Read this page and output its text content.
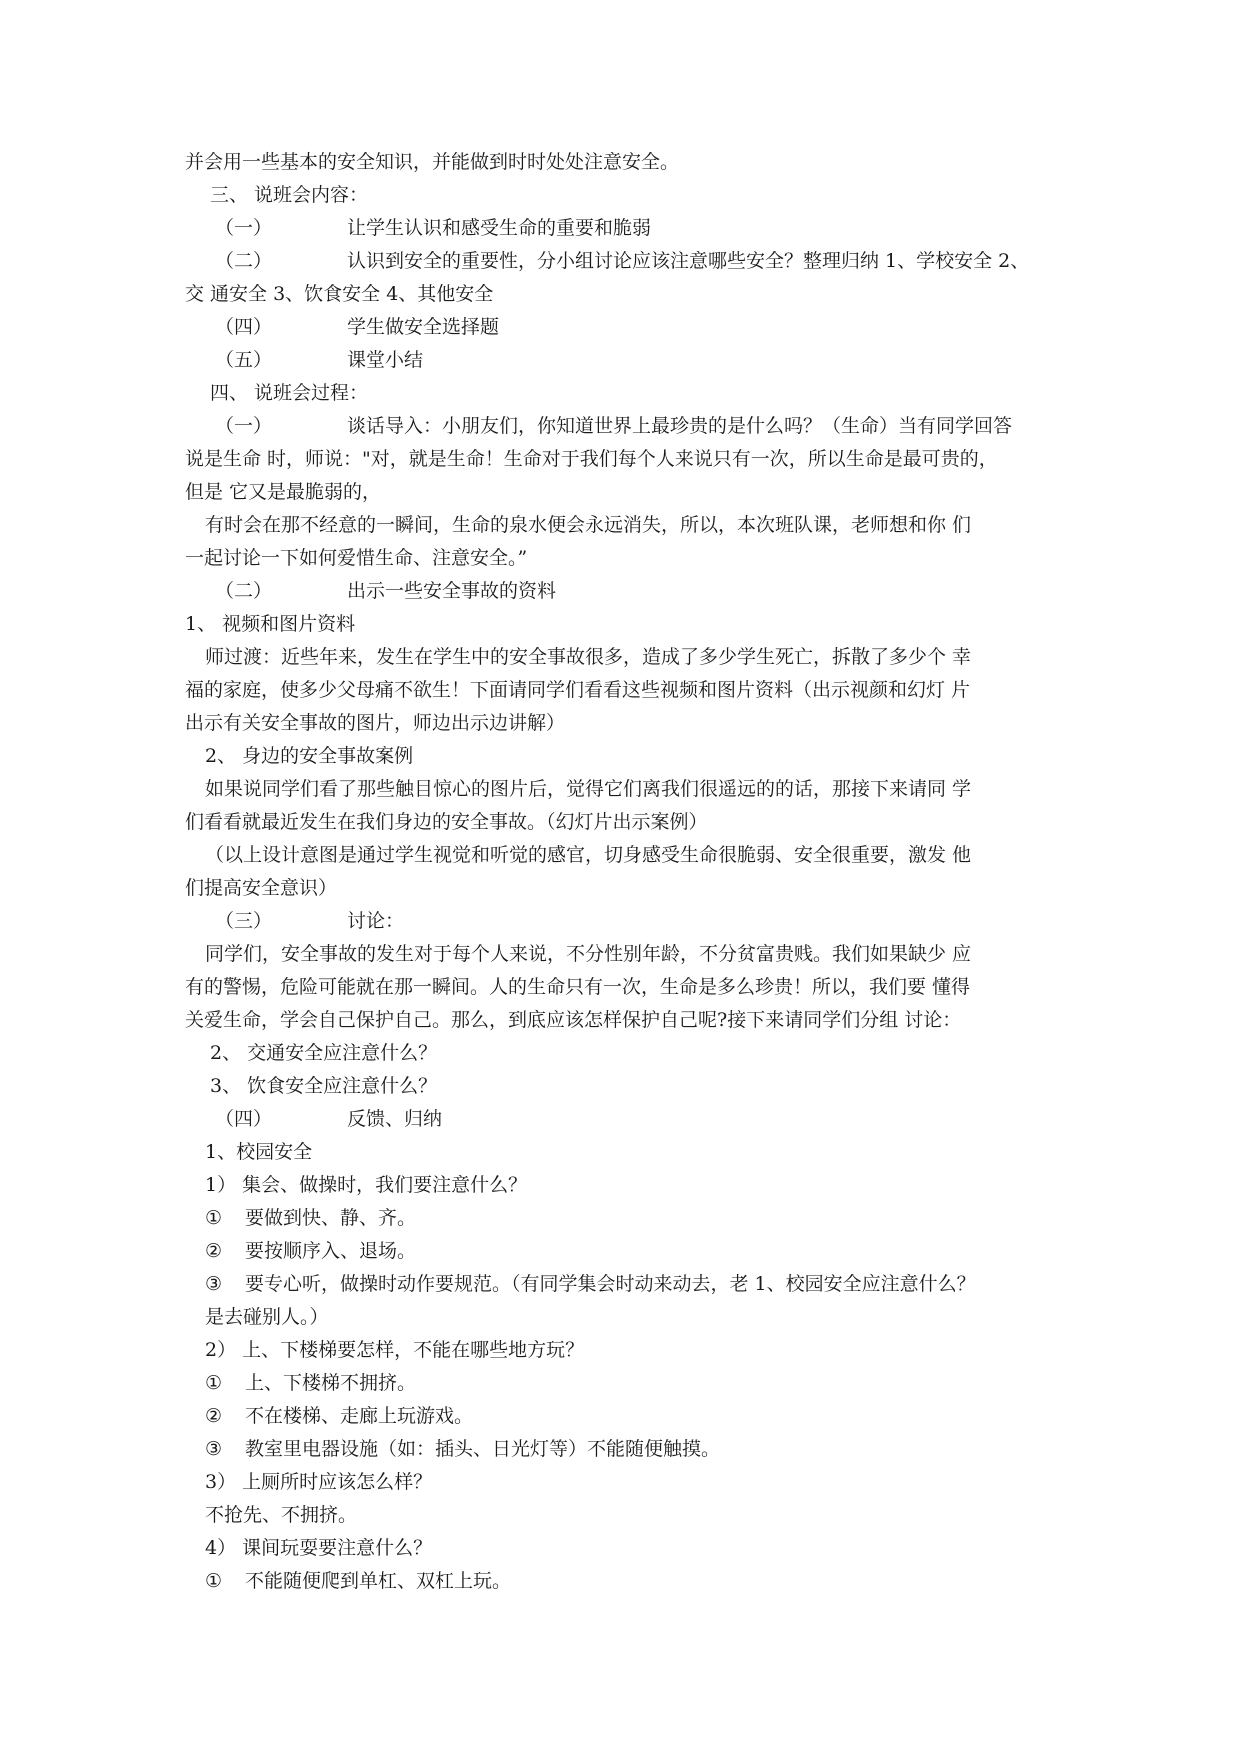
并会用一些基本的安全知识，并能做到时时处处注意安全。
三、 说班会内容：
（一）	让学生认识和感受生命的重要和脆弱
（二）	认识到安全的重要性，分小组讨论应该注意哪些安全？整理归纳 1、学校安全 2、
交 通安全 3、饮食安全 4、其他安全
（四）	学生做安全选择题
（五）	课堂小结
四、 说班会过程：
（一）	谈话导入：小朋友们，你知道世界上最珍贵的是什么吗？（生命）当有同学回答
说是生命 时，师说："对，就是生命！生命对于我们每个人来说只有一次，所以生命是最可贵的，
但是 它又是最脆弱的，
有时会在那不经意的一瞬间，生命的泉水便会永远消失，所以，本次班队课，老师想和你 们
一起讨论一下如何爱惜生命、注意安全。”
（二）	出示一些安全事故的资料
1、 视频和图片资料
师过渡：近些年来，发生在学生中的安全事故很多，造成了多少学生死亡，拆散了多少个 幸
福的家庭，使多少父母痛不欲生！下面请同学们看看这些视频和图片资料（出示视颜和幻灯 片
出示有关安全事故的图片，师边出示边讲解）
2、 身边的安全事故案例
如果说同学们看了那些触目惊心的图片后，觉得它们离我们很遥远的的话，那接下来请同 学
们看看就最近发生在我们身边的安全事故。（幻灯片出示案例）
（以上设计意图是通过学生视觉和听觉的感官，切身感受生命很脆弱、安全很重要，激发 他
们提高安全意识）
（三）	讨论：
同学们，安全事故的发生对于每个人来说，不分性别年龄，不分贫富贵贱。我们如果缺少 应
有的警惕，危险可能就在那一瞬间。人的生命只有一次，生命是多么珍贵！所以，我们要 懂得
关爱生命，学会自己保护自己。那么，到底应该怎样保护自己呢?接下来请同学们分组 讨论：
2、 交通安全应注意什么？
3、 饮食安全应注意什么？
（四）	反馈、归纳
1、校园安全
1） 集会、做操时，我们要注意什么？
① 要做到快、静、齐。
② 要按顺序入、退场。
③ 要专心听，做操时动作要规范。（有同学集会时动来动去，老 1、校园安全应注意什么？
是去碰别人。）
2） 上、下楼梯要怎样，不能在哪些地方玩？
① 上、下楼梯不拥挤。
② 不在楼梯、走廊上玩游戏。
③ 教室里电器设施（如：插头、日光灯等）不能随便触摸。
3） 上厕所时应该怎么样？
不抢先、不拥挤。
4） 课间玩耍要注意什么？
① 不能随便爬到单杠、双杠上玩。
